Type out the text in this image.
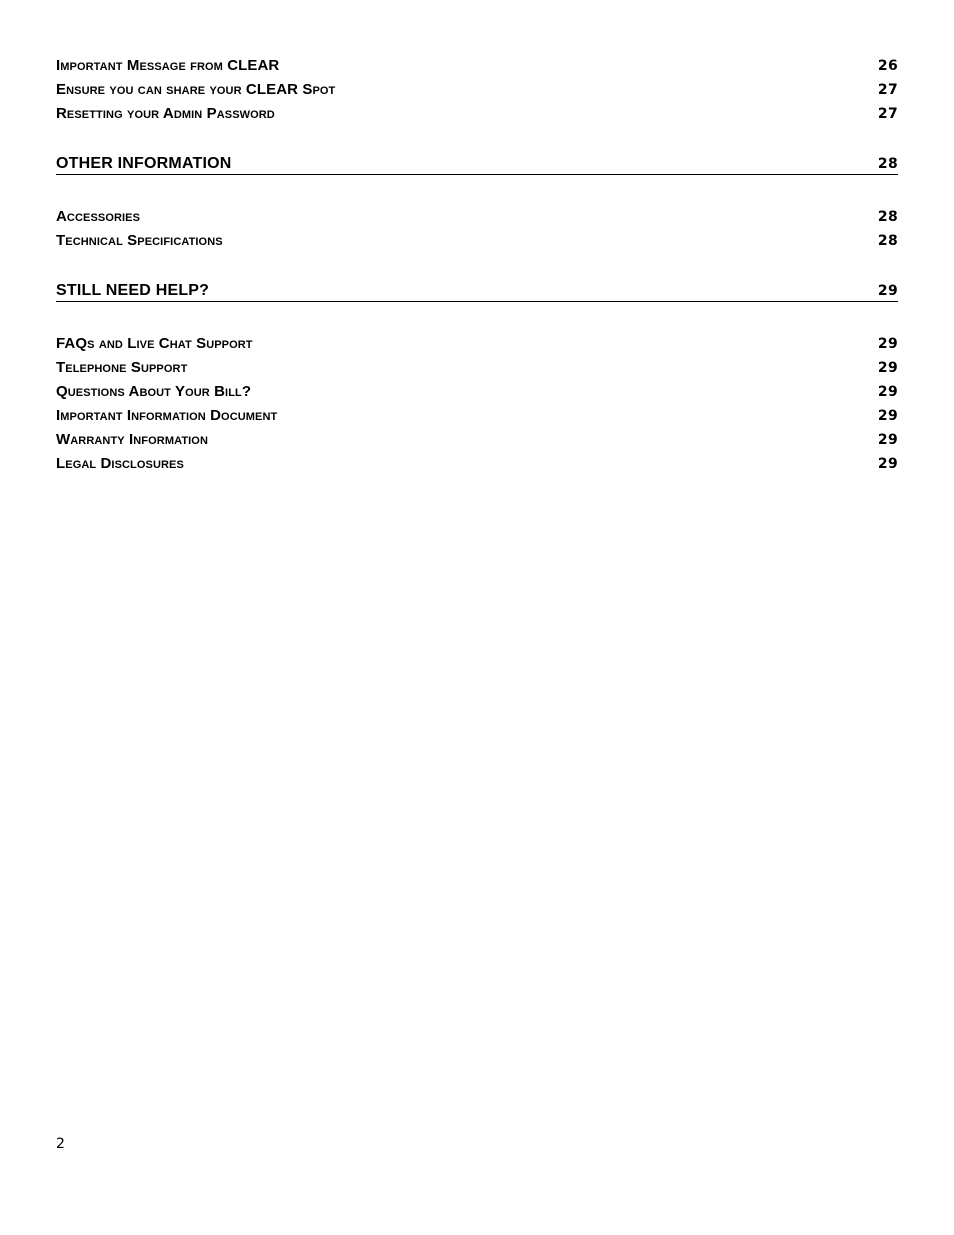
Important Message from CLEAR	26
Ensure you can share your CLEAR Spot	27
Resetting your Admin Password	27
OTHER INFORMATION	28
Accessories	28
Technical Specifications	28
STILL NEED HELP?	29
FAQs and Live Chat Support	29
Telephone Support	29
Questions About Your Bill?	29
Important Information Document	29
Warranty Information	29
Legal Disclosures	29
2
